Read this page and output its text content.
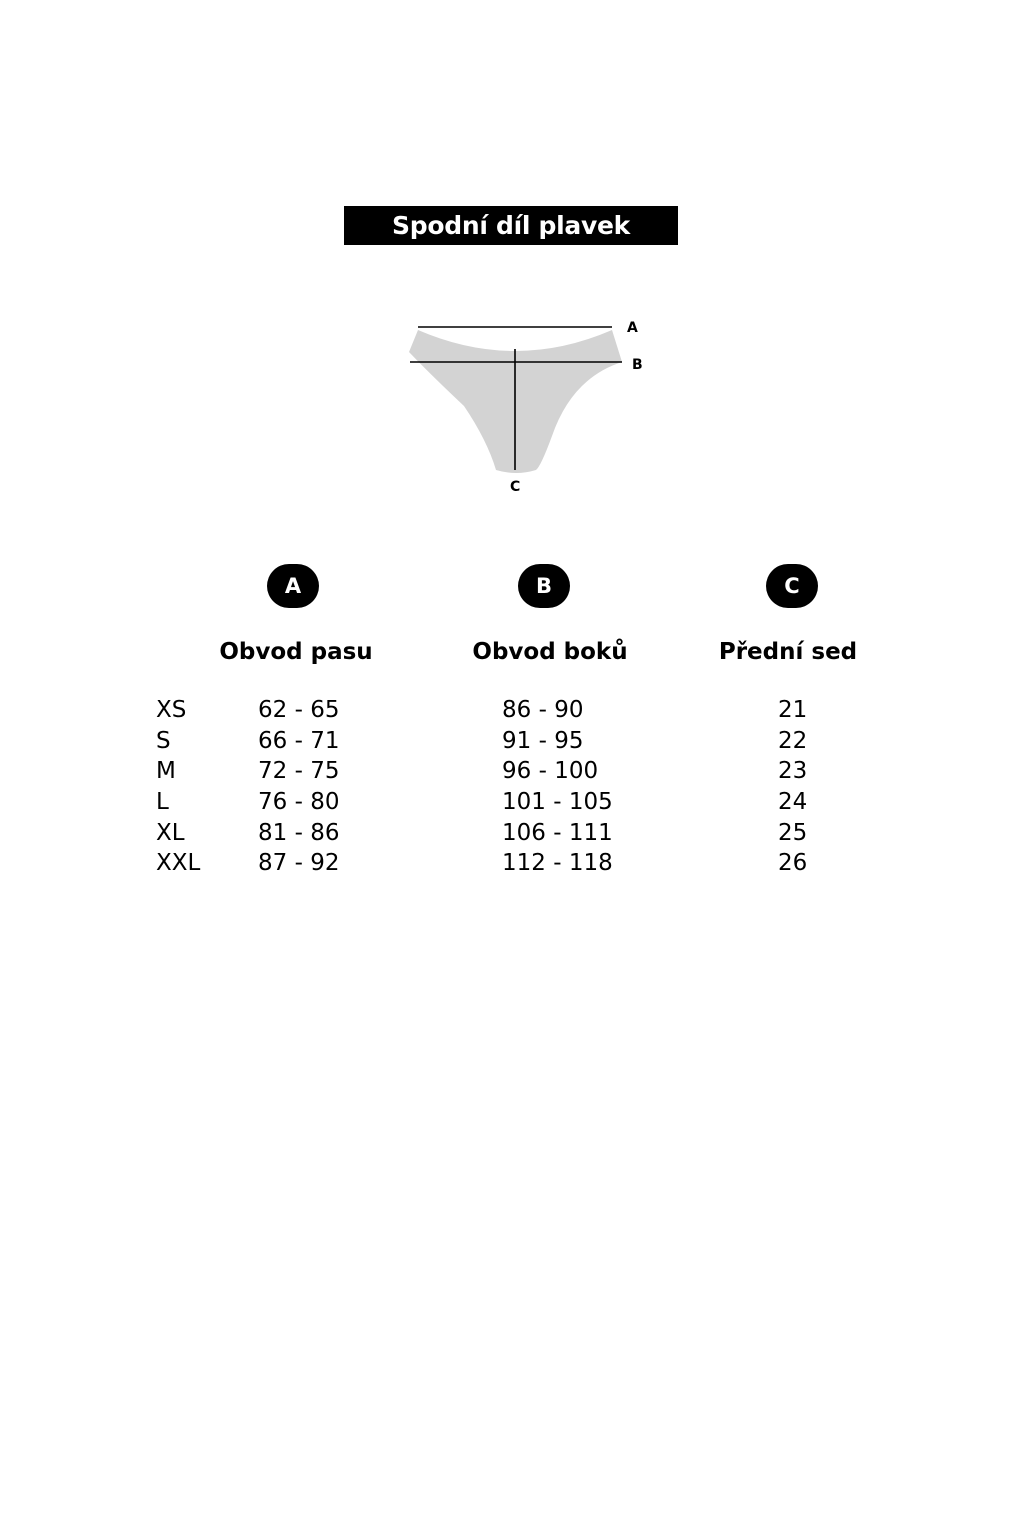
Spodní díl plavek
A
B
C
A	B	C
Obvod pasu	Obvod boků	Přední sed
XS	62 - 65	86 - 90	21
S	66 - 71	91 - 95	22
M	72 - 75	96 - 100	23
L	76 - 80	101 - 105	24
XL	81 - 86	106 - 111	25
XXL	87 - 92	112 - 118	26
